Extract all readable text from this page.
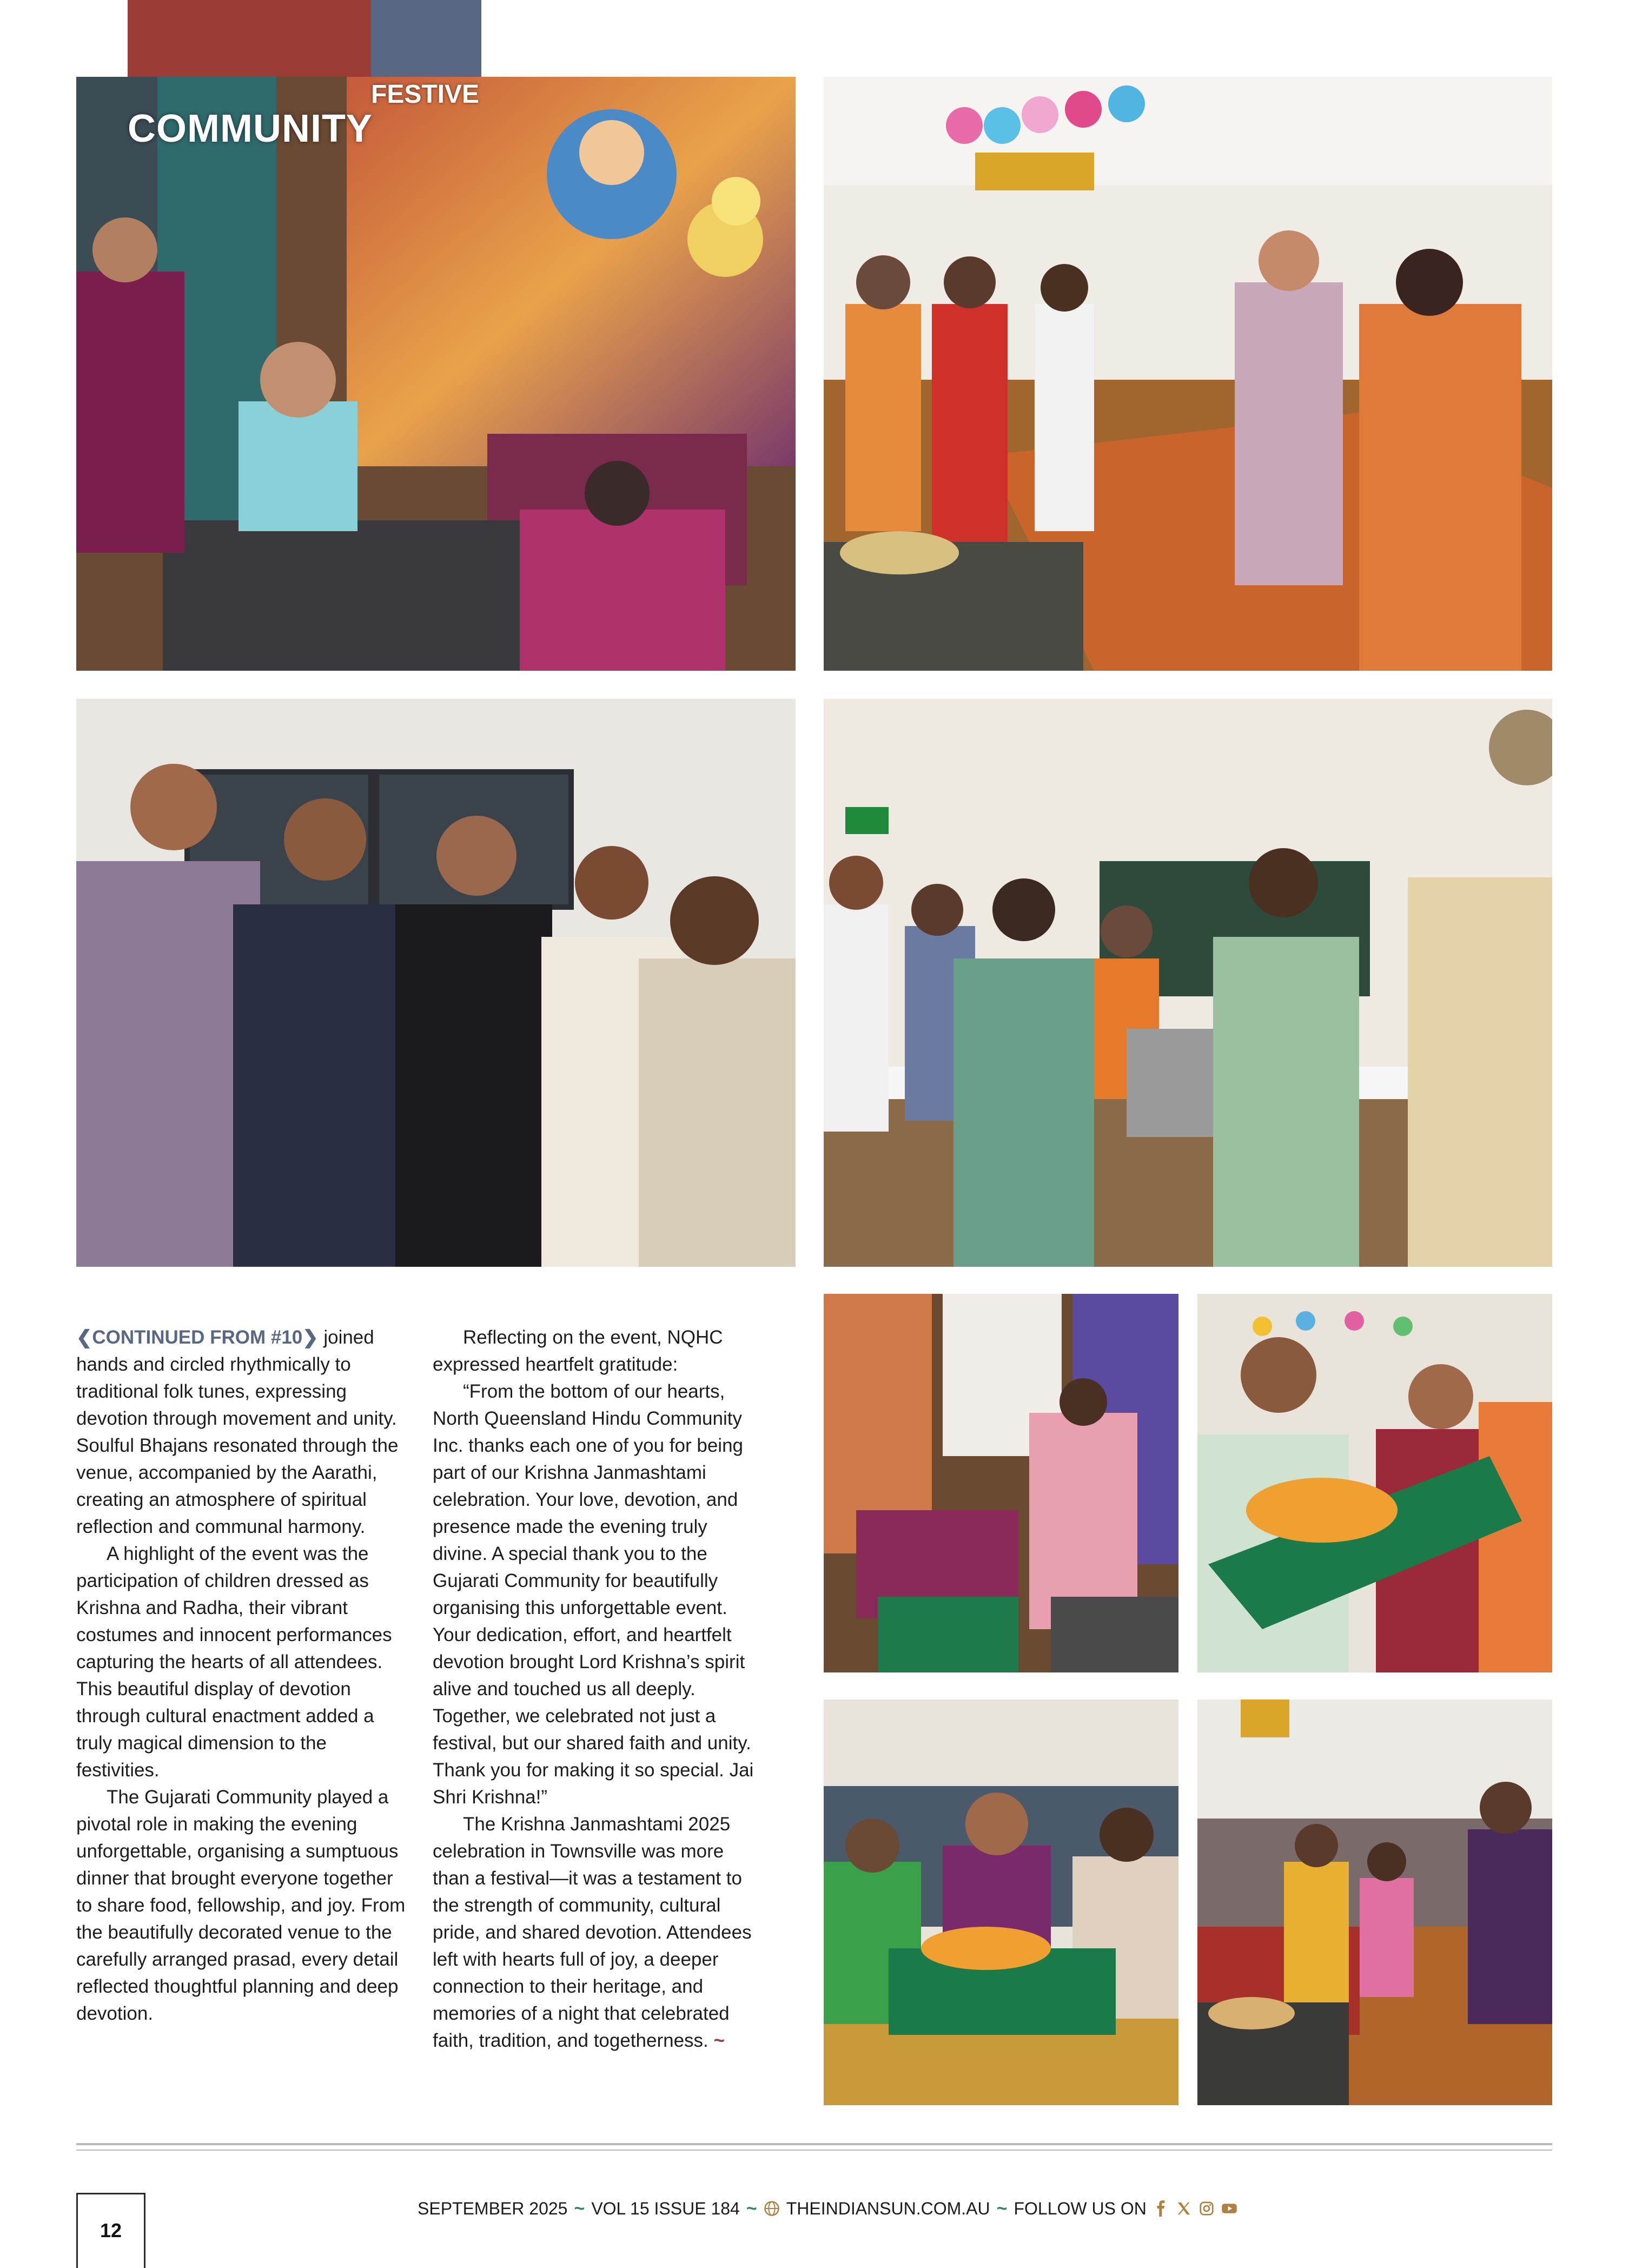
FESTIVE
COMMUNITY

❮CONTINUED FROM #10❯ joined hands and circled rhythmically to traditional folk tunes, expressing devotion through movement and unity. Soulful Bhajans resonated through the venue, accompanied by the Aarathi, creating an atmosphere of spiritual reflection and communal harmony.

A highlight of the event was the participation of children dressed as Krishna and Radha, their vibrant costumes and innocent performances capturing the hearts of all attendees. This beautiful display of devotion through cultural enactment added a truly magical dimension to the festivities.

The Gujarati Community played a pivotal role in making the evening unforgettable, organising a sumptuous dinner that brought everyone together to share food, fellowship, and joy. From the beautifully decorated venue to the carefully arranged prasad, every detail reflected thoughtful planning and deep devotion.

Reflecting on the event, NQHC expressed heartfelt gratitude:

“From the bottom of our hearts, North Queensland Hindu Community Inc. thanks each one of you for being part of our Krishna Janmashtami celebration. Your love, devotion, and presence made the evening truly divine. A special thank you to the Gujarati Community for beautifully organising this unforgettable event. Your dedication, effort, and heartfelt devotion brought Lord Krishna’s spirit alive and touched us all deeply. Together, we celebrated not just a festival, but our shared faith and unity. Thank you for making it so special. Jai Shri Krishna!”

The Krishna Janmashtami 2025 celebration in Townsville was more than a festival—it was a testament to the strength of community, cultural pride, and shared devotion. Attendees left with hearts full of joy, a deeper connection to their heritage, and memories of a night that celebrated faith, tradition, and togetherness. ~

12
SEPTEMBER 2025 ~ VOL 15 ISSUE 184 ~ THEINDIANSUN.COM.AU ~ FOLLOW US ON
